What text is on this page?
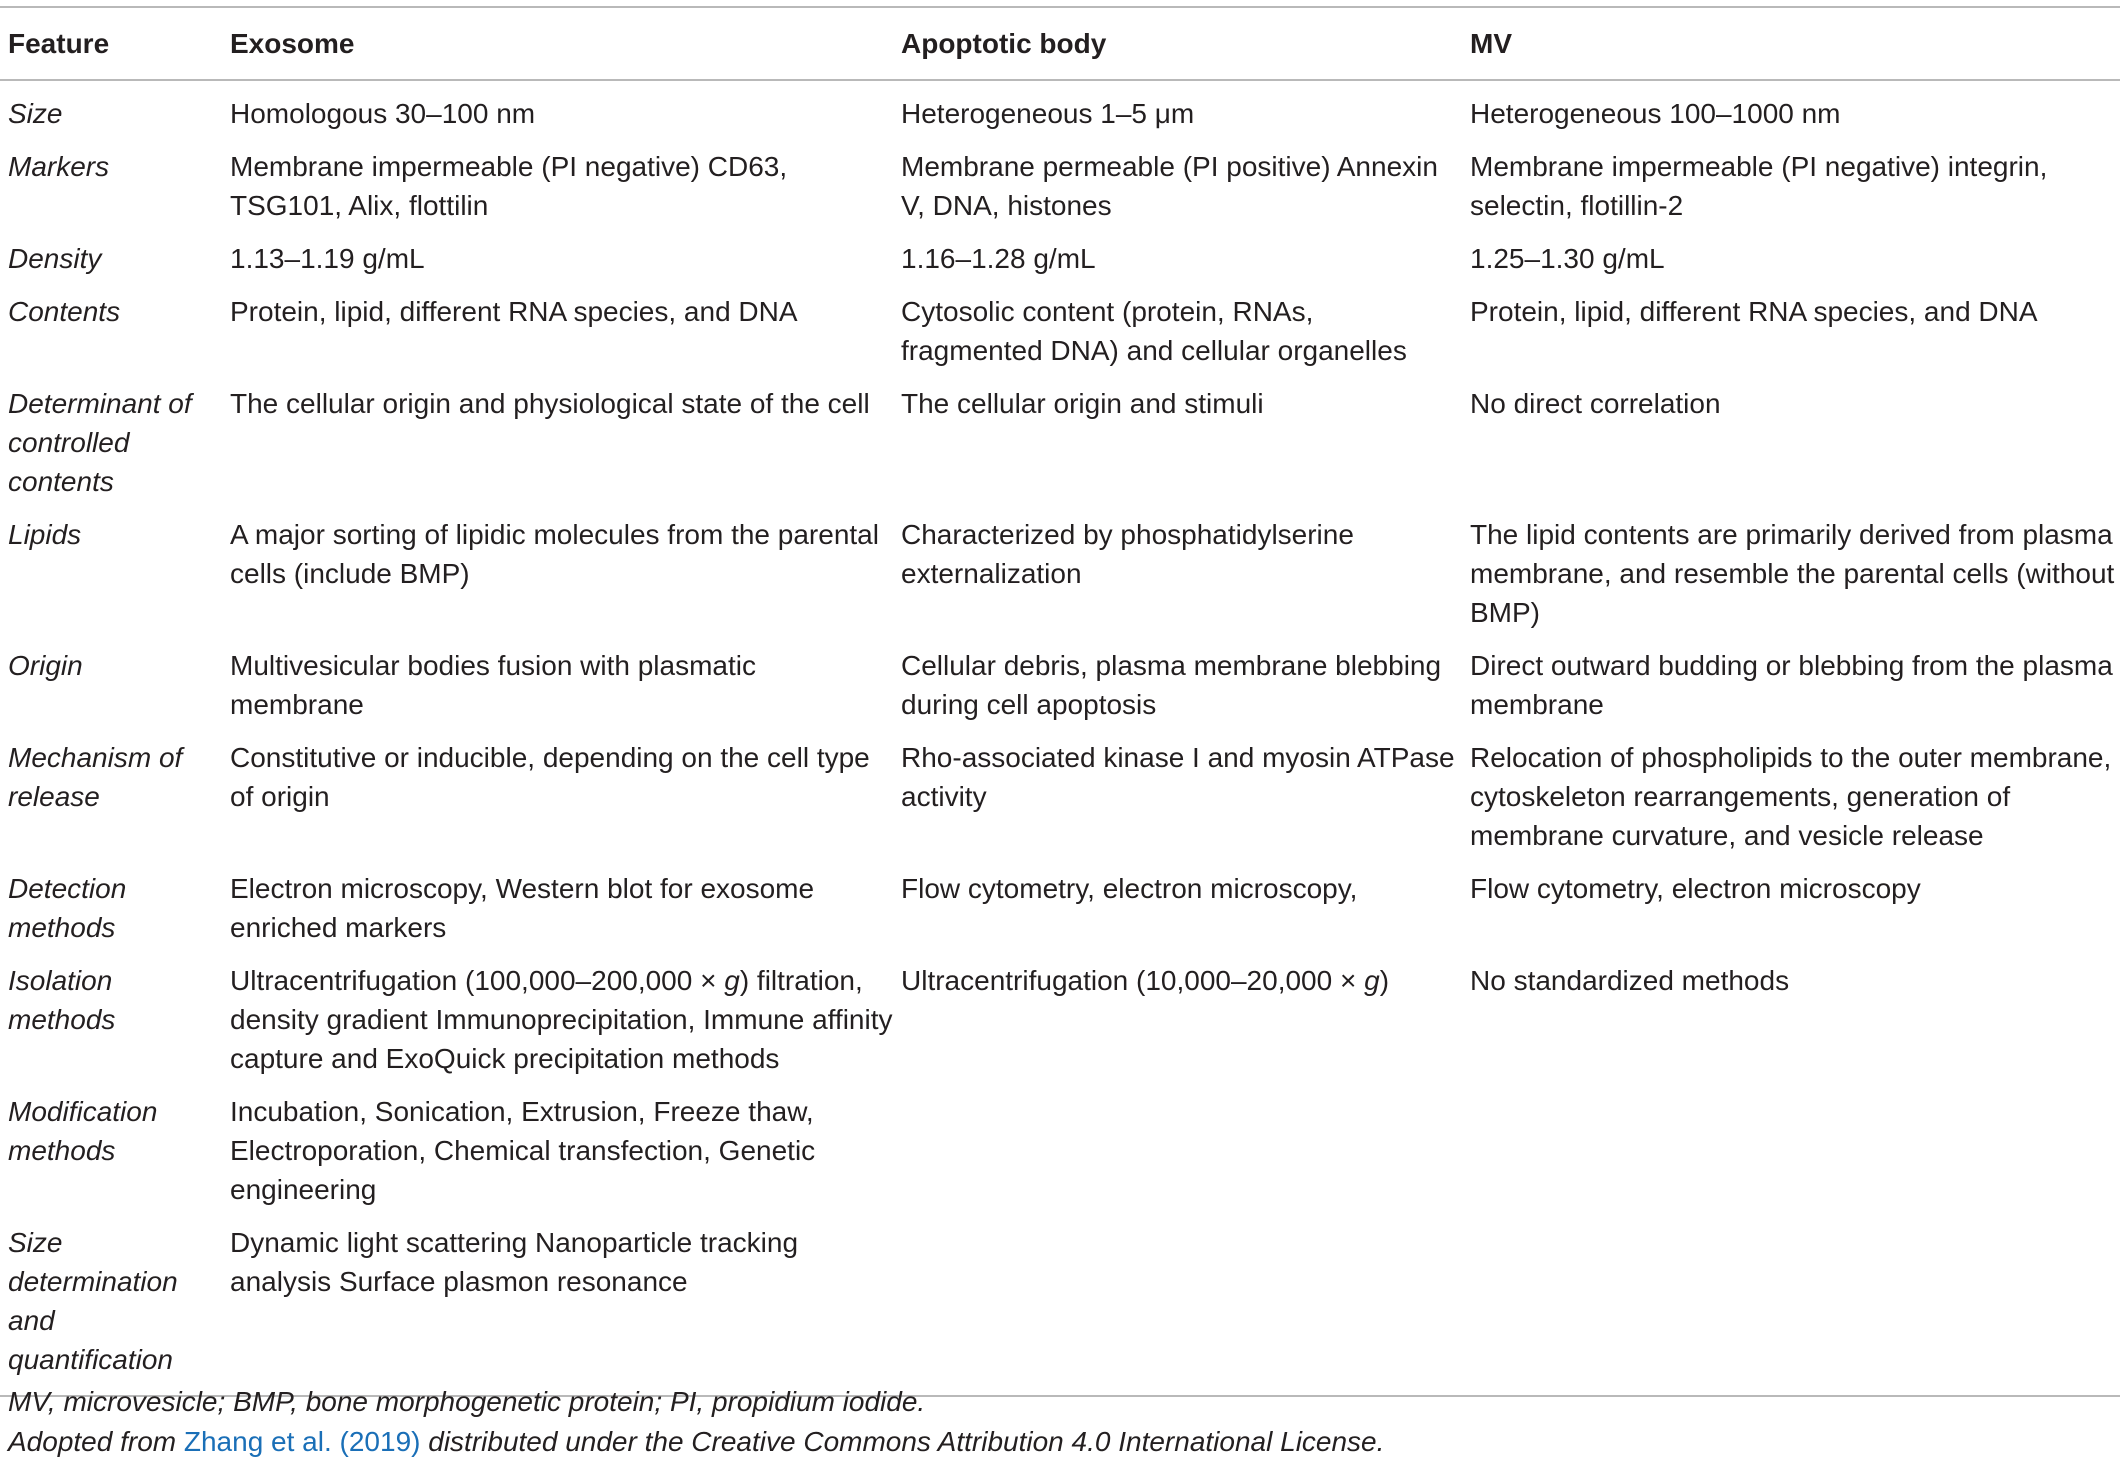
Feature	Exosome	Apoptotic body	MV
Size	Homologous 30–100 nm	Heterogeneous 1–5 μm	Heterogeneous 100–1000 nm
Markers	Membrane impermeable (PI negative) CD63, TSG101, Alix, flottilin	Membrane permeable (PI positive) Annexin V, DNA, histones	Membrane impermeable (PI negative) integrin, selectin, flotillin-2
Density	1.13–1.19 g/mL	1.16–1.28 g/mL	1.25–1.30 g/mL
Contents	Protein, lipid, different RNA species, and DNA	Cytosolic content (protein, RNAs, fragmented DNA) and cellular organelles	Protein, lipid, different RNA species, and DNA
Determinant of controlled contents	The cellular origin and physiological state of the cell	The cellular origin and stimuli	No direct correlation
Lipids	A major sorting of lipidic molecules from the parental cells (include BMP)	Characterized by phosphatidylserine externalization	The lipid contents are primarily derived from plasma membrane, and resemble the parental cells (without BMP)
Origin	Multivesicular bodies fusion with plasmatic membrane	Cellular debris, plasma membrane blebbing during cell apoptosis	Direct outward budding or blebbing from the plasma membrane
Mechanism of release	Constitutive or inducible, depending on the cell type of origin	Rho-associated kinase I and myosin ATPase activity	Relocation of phospholipids to the outer membrane, cytoskeleton rearrangements, generation of membrane curvature, and vesicle release
Detection methods	Electron microscopy, Western blot for exosome enriched markers	Flow cytometry, electron microscopy,	Flow cytometry, electron microscopy
Isolation methods	Ultracentrifugation (100,000–200,000 × g) filtration, density gradient Immunoprecipitation, Immune affinity capture and ExoQuick precipitation methods	Ultracentrifugation (10,000–20,000 × g)	No standardized methods
Modification methods	Incubation, Sonication, Extrusion, Freeze thaw, Electroporation, Chemical transfection, Genetic engineering		
Size determination and quantification	Dynamic light scattering Nanoparticle tracking analysis Surface plasmon resonance		
MV, microvesicle; BMP, bone morphogenetic protein; PI, propidium iodide.
Adopted from Zhang et al. (2019) distributed under the Creative Commons Attribution 4.0 International License.
